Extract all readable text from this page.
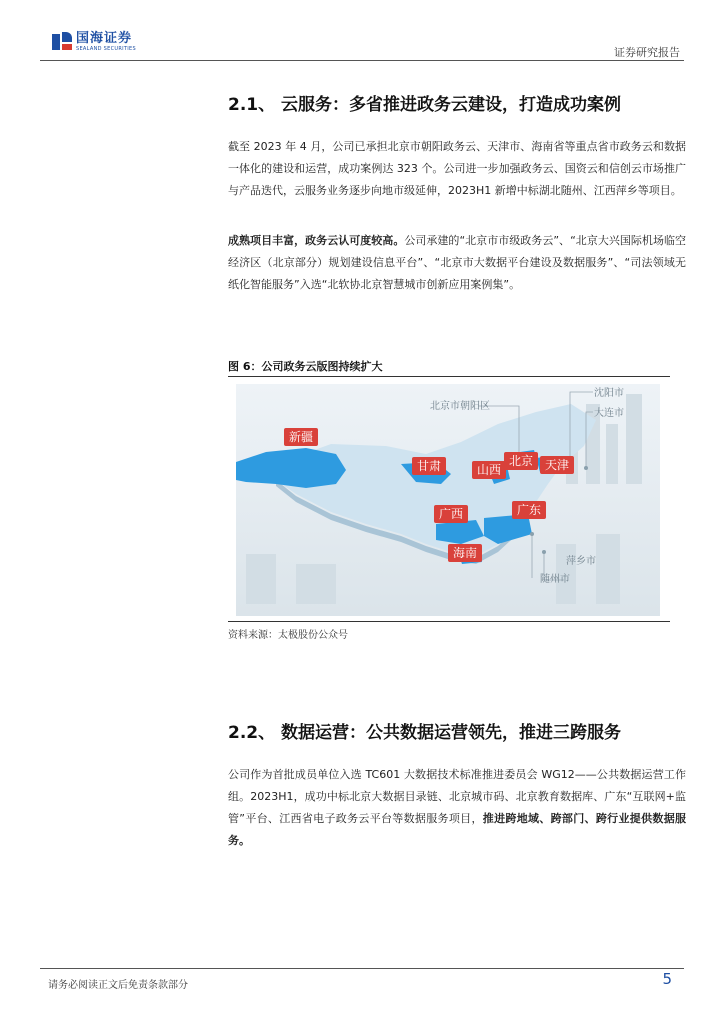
国海证券
SEALAND SECURITIES	证券研究报告
2.1、 云服务：多省推进政务云建设，打造成功案例
截至 2023 年 4 月，公司已承担北京市朝阳政务云、天津市、海南省等重点省市政务云和数据一体化的建设和运营，成功案例达 323 个。公司进一步加强政务云、国资云和信创云市场推广与产品迭代，云服务业务逐步向地市级延伸，2023H1 新增中标湖北随州、江西萍乡等项目。
成熟项目丰富，政务云认可度较高。公司承建的“北京市市级政务云”、“北京大兴国际机场临空经济区（北京部分）规划建设信息平台”、“北京市大数据平台建设及数据服务”、“司法领域无纸化智能服务”入选“北软协北京智慧城市创新应用案例集”。
图 6：公司政务云版图持续扩大
新疆
甘肃	山西
北京 天津
广西	广东
海南
北京市朝阳区
沈阳市
大连市
萍乡市
随州市
资料来源：太极股份公众号
2.2、 数据运营：公共数据运营领先，推进三跨服务
公司作为首批成员单位入选 TC601 大数据技术标准推进委员会 WG12——公共数据运营工作组。2023H1，成功中标北京大数据目录链、北京城市码、北京教育数据库、广东“互联网+监管”平台、江西省电子政务云平台等数据服务项目，推进跨地域、跨部门、跨行业提供数据服务。
请务必阅读正文后免责条款部分	5
